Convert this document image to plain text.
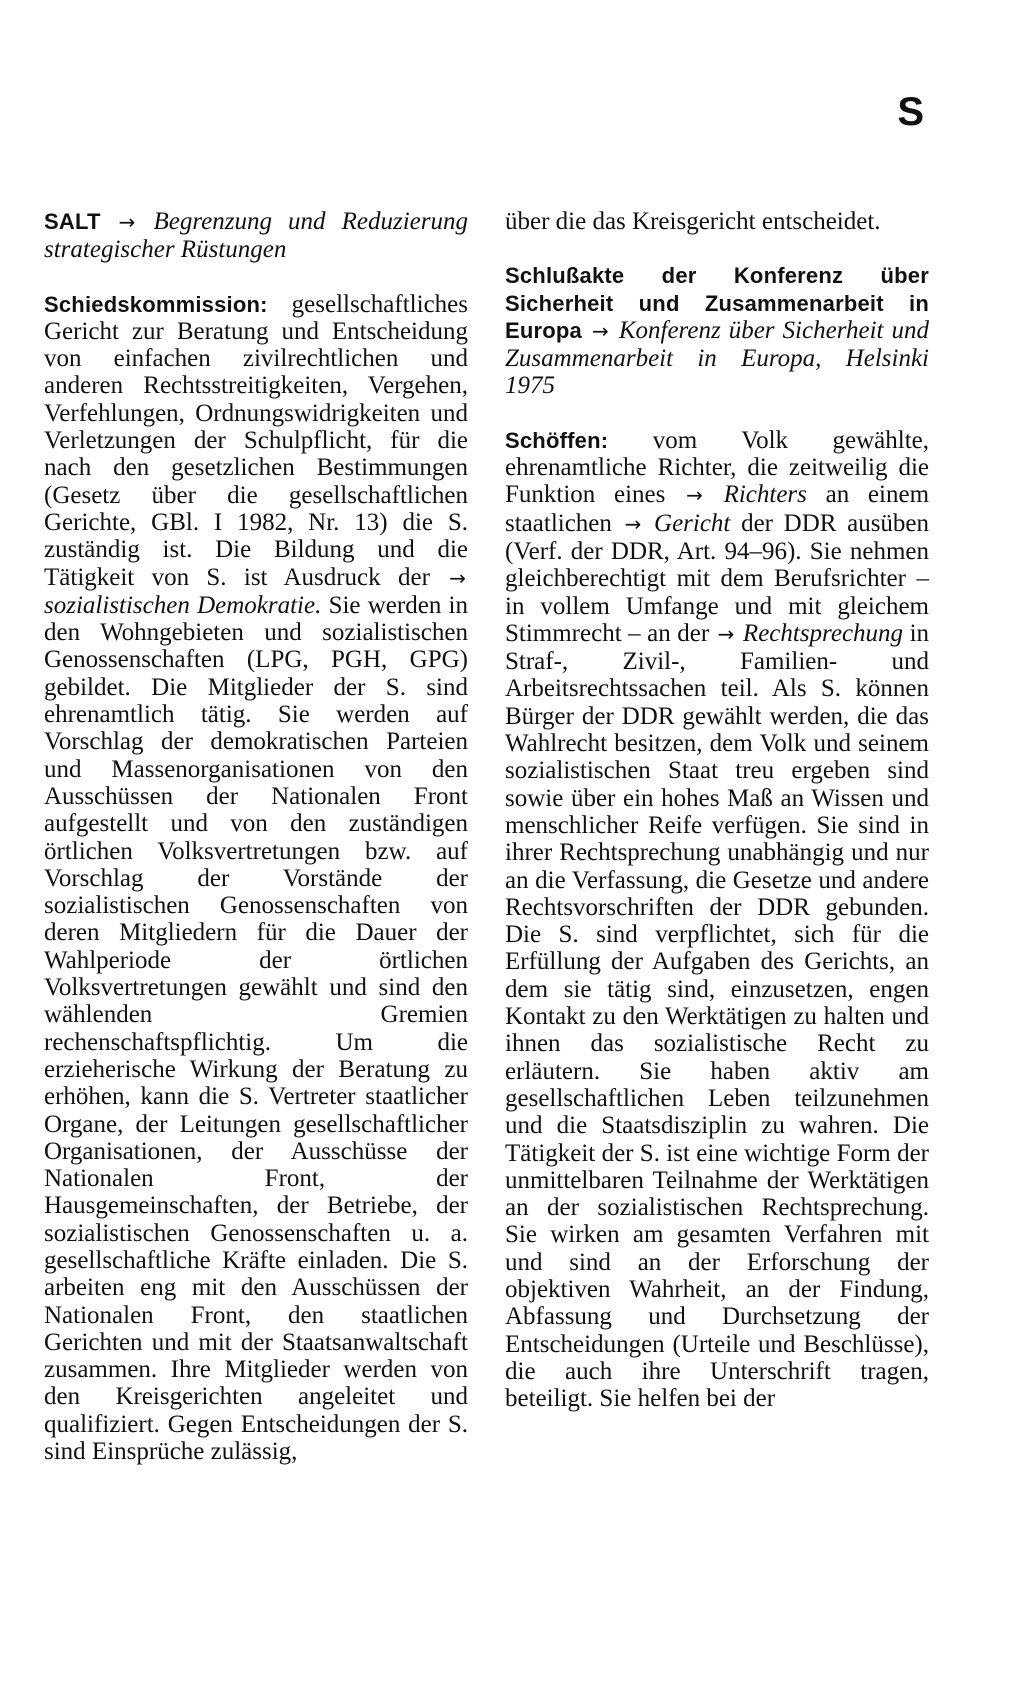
S

SALT → Begrenzung und Reduzierung strategischer Rüstungen

Schiedskommission: gesellschaftliches Gericht zur Beratung und Entscheidung von einfachen zivilrechtlichen und anderen Rechtsstreitigkeiten, Vergehen, Verfehlungen, Ordnungswidrigkeiten und Verletzungen der Schulpflicht, für die nach den gesetzlichen Bestimmungen (Gesetz über die gesellschaftlichen Gerichte, GBl. I 1982, Nr. 13) die S. zuständig ist. Die Bildung und die Tätigkeit von S. ist Ausdruck der → sozialistischen Demokratie. Sie werden in den Wohngebieten und sozialistischen Genossenschaften (LPG, PGH, GPG) gebildet. Die Mitglieder der S. sind ehrenamtlich tätig. Sie werden auf Vorschlag der demokratischen Parteien und Massenorganisationen von den Ausschüssen der Nationalen Front aufgestellt und von den zuständigen örtlichen Volksvertretungen bzw. auf Vorschlag der Vorstände der sozialistischen Genossenschaften von deren Mitgliedern für die Dauer der Wahlperiode der örtlichen Volksvertretungen gewählt und sind den wählenden Gremien rechenschaftspflichtig. Um die erzieherische Wirkung der Beratung zu erhöhen, kann die S. Vertreter staatlicher Organe, der Leitungen gesellschaftlicher Organisationen, der Ausschüsse der Nationalen Front, der Hausgemeinschaften, der Betriebe, der sozialistischen Genossenschaften u. a. gesellschaftliche Kräfte einladen. Die S. arbeiten eng mit den Ausschüssen der Nationalen Front, den staatlichen Gerichten und mit der Staatsanwaltschaft zusammen. Ihre Mitglieder werden von den Kreisgerichten angeleitet und qualifiziert. Gegen Entscheidungen der S. sind Einsprüche zulässig,

über die das Kreisgericht entscheidet.

Schlußakte der Konferenz über Sicherheit und Zusammenarbeit in Europa → Konferenz über Sicherheit und Zusammenarbeit in Europa, Helsinki 1975

Schöffen: vom Volk gewählte, ehrenamtliche Richter, die zeitweilig die Funktion eines → Richters an einem staatlichen → Gericht der DDR ausüben (Verf. der DDR, Art. 94–96). Sie nehmen gleichberechtigt mit dem Berufsrichter – in vollem Umfange und mit gleichem Stimmrecht – an der → Rechtsprechung in Straf-, Zivil-, Familien- und Arbeitsrechtssachen teil. Als S. können Bürger der DDR gewählt werden, die das Wahlrecht besitzen, dem Volk und seinem sozialistischen Staat treu ergeben sind sowie über ein hohes Maß an Wissen und menschlicher Reife verfügen. Sie sind in ihrer Rechtsprechung unabhängig und nur an die Verfassung, die Gesetze und andere Rechtsvorschriften der DDR gebunden. Die S. sind verpflichtet, sich für die Erfüllung der Aufgaben des Gerichts, an dem sie tätig sind, einzusetzen, engen Kontakt zu den Werktätigen zu halten und ihnen das sozialistische Recht zu erläutern. Sie haben aktiv am gesellschaftlichen Leben teilzunehmen und die Staatsdisziplin zu wahren. Die Tätigkeit der S. ist eine wichtige Form der unmittelbaren Teilnahme der Werktätigen an der sozialistischen Rechtsprechung. Sie wirken am gesamten Verfahren mit und sind an der Erforschung der objektiven Wahrheit, an der Findung, Abfassung und Durchsetzung der Entscheidungen (Urteile und Beschlüsse), die auch ihre Unterschrift tragen, beteiligt. Sie helfen bei der
